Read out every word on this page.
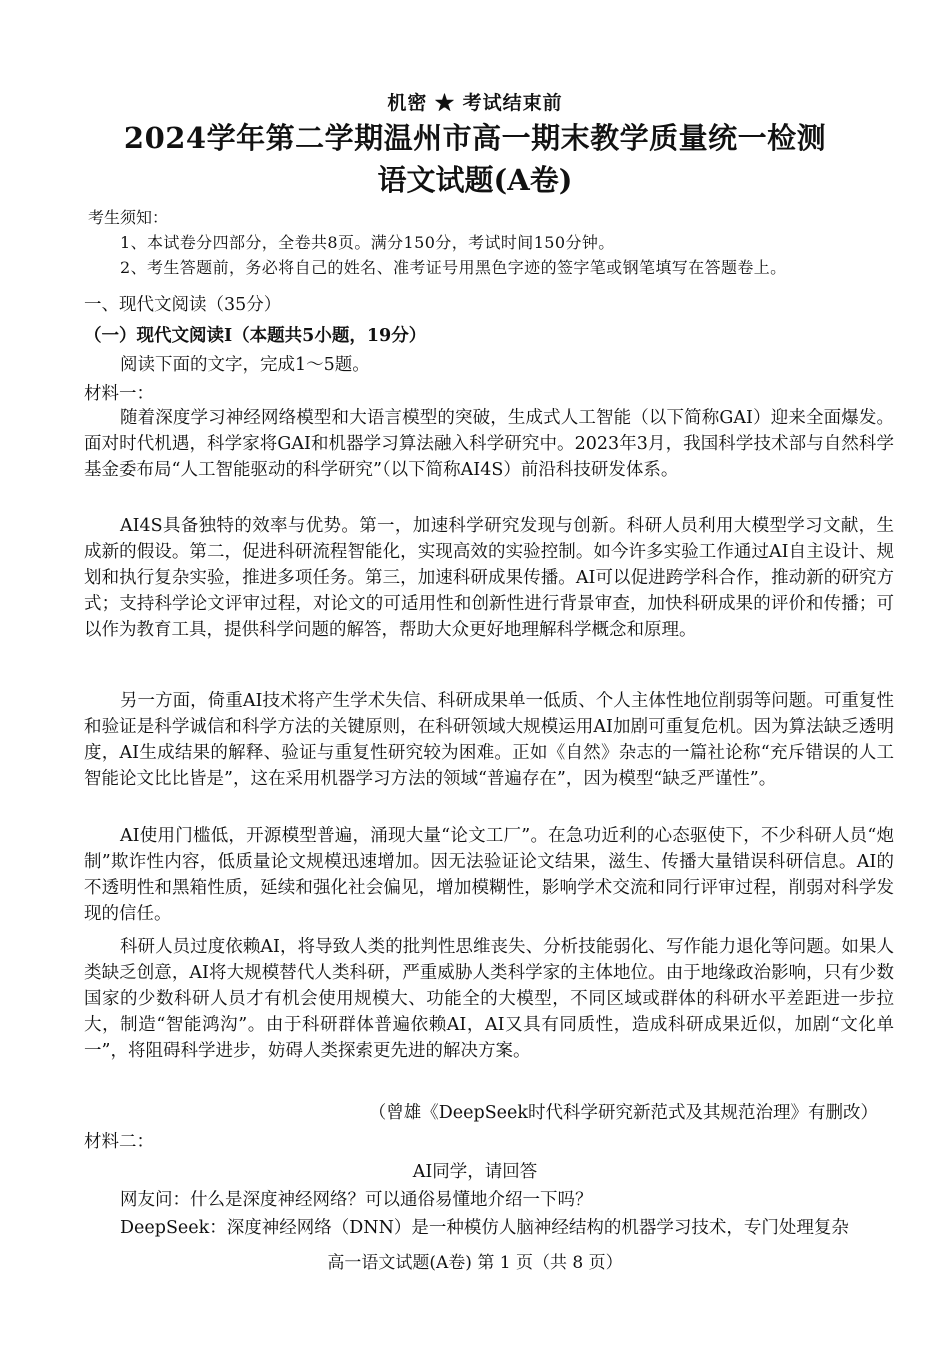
机密 ★ 考试结束前
2024学年第二学期温州市高一期末教学质量统一检测
语文试题(A卷)
考生须知：
1、本试卷分四部分，全卷共8页。满分150分，考试时间150分钟。
2、考生答题前，务必将自己的姓名、准考证号用黑色字迹的签字笔或钢笔填写在答题卷上。
一、现代文阅读（35分）
（一）现代文阅读Ⅰ（本题共5小题，19分）
阅读下面的文字，完成1～5题。
材料一：

随着深度学习神经网络模型和大语言模型的突破，生成式人工智能（以下简称GAI）迎来全面爆发。面对时代机遇，科学家将GAI和机器学习算法融入科学研究中。2023年3月，我国科学技术部与自然科学基金委布局“人工智能驱动的科学研究”（以下简称AI4S）前沿科技研发体系。

AI4S具备独特的效率与优势。第一，加速科学研究发现与创新。科研人员利用大模型学习文献，生成新的假设。第二，促进科研流程智能化，实现高效的实验控制。如今许多实验工作通过AI自主设计、规划和执行复杂实验，推进多项任务。第三，加速科研成果传播。AI可以促进跨学科合作，推动新的研究方式；支持科学论文评审过程，对论文的可适用性和创新性进行背景审查，加快科研成果的评价和传播；可以作为教育工具，提供科学问题的解答，帮助大众更好地理解科学概念和原理。

另一方面，倚重AI技术将产生学术失信、科研成果单一低质、个人主体性地位削弱等问题。可重复性和验证是科学诚信和科学方法的关键原则，在科研领域大规模运用AI加剧可重复危机。因为算法缺乏透明度，AI生成结果的解释、验证与重复性研究较为困难。正如《自然》杂志的一篇社论称“充斥错误的人工智能论文比比皆是”，这在采用机器学习方法的领域“普遍存在”，因为模型“缺乏严谨性”。

AI使用门槛低，开源模型普遍，涌现大量“论文工厂”。在急功近利的心态驱使下，不少科研人员“炮制”欺诈性内容，低质量论文规模迅速增加。因无法验证论文结果，滋生、传播大量错误科研信息。AI的不透明性和黑箱性质，延续和强化社会偏见，增加模糊性，影响学术交流和同行评审过程，削弱对科学发现的信任。

科研人员过度依赖AI，将导致人类的批判性思维丧失、分析技能弱化、写作能力退化等问题。如果人类缺乏创意，AI将大规模替代人类科研，严重威胁人类科学家的主体地位。由于地缘政治影响，只有少数国家的少数科研人员才有机会使用规模大、功能全的大模型，不同区域或群体的科研水平差距进一步拉大，制造“智能鸿沟”。由于科研群体普遍依赖AI，AI又具有同质性，造成科研成果近似，加剧“文化单一”，将阻碍科学进步，妨碍人类探索更先进的解决方案。

（曾雄《DeepSeek时代科学研究新范式及其规范治理》有删改）
材料二：
AI同学，请回答
网友问：什么是深度神经网络？可以通俗易懂地介绍一下吗？
DeepSeek：深度神经网络（DNN）是一种模仿人脑神经结构的机器学习技术，专门处理复杂
高一语文试题(A卷) 第 1 页（共 8 页）
